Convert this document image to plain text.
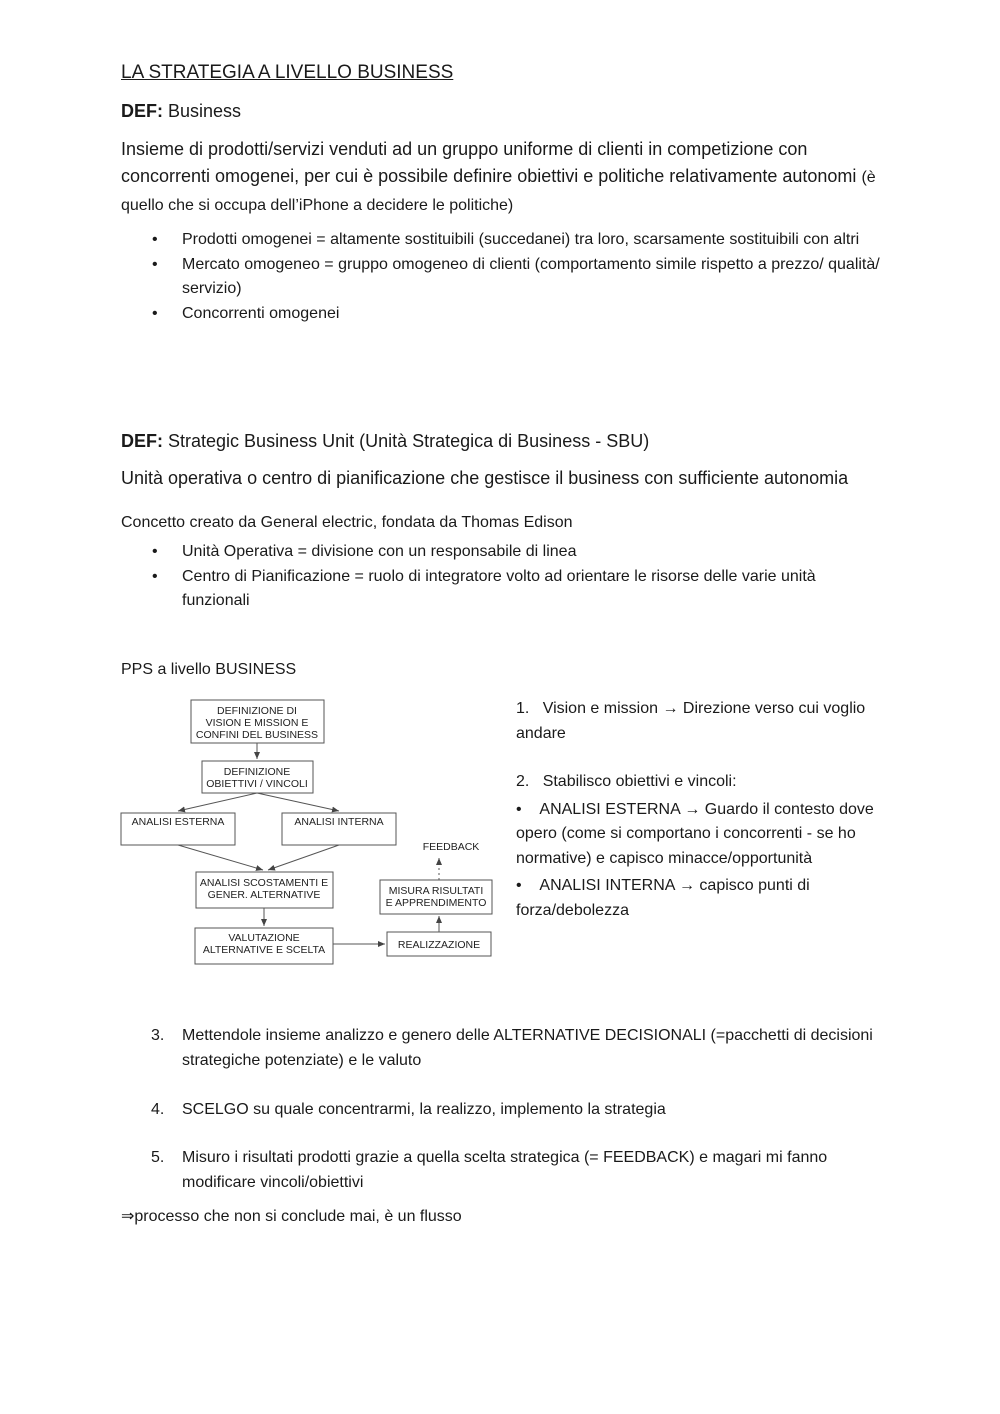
LA STRATEGIA A LIVELLO BUSINESS
DEF: Business
Insieme di prodotti/servizi venduti ad un gruppo uniforme di clienti in competizione con concorrenti omogenei, per cui è possibile definire obiettivi e politiche relativamente autonomi (è quello che si occupa dell’iPhone a decidere le politiche)
• Prodotti omogenei = altamente sostituibili (succedanei) tra loro, scarsamente sostituibili con altri
• Mercato omogeneo = gruppo omogeneo di clienti (comportamento simile rispetto a prezzo/ qualità/ servizio)
• Concorrenti omogenei
DEF: Strategic Business Unit (Unità Strategica di Business - SBU)
Unità operativa o centro di pianificazione che gestisce il business con sufficiente autonomia
Concetto creato da General electric, fondata da Thomas Edison
• Unità Operativa = divisione con un responsabile di linea
• Centro di Pianificazione = ruolo di integratore volto ad orientare le risorse delle varie unità funzionali
PPS a livello BUSINESS
DEFINIZIONE DI
VISION E MISSION E
CONFINI DEL BUSINESS
DEFINIZIONE
OBIETTIVI / VINCOLI
ANALISI ESTERNA	ANALISI INTERNA
ANALISI SCOSTAMENTI E
GENER. ALTERNATIVE
VALUTAZIONE
ALTERNATIVE E SCELTA	REALIZZAZIONE
MISURA RISULTATI
E APPRENDIMENTO
FEEDBACK

1. Vision e mission → Direzione verso cui voglio andare

2. Stabilisco obiettivi e vincoli:

• ANALISI ESTERNA → Guardo il contesto dove opero (come si comportano i concorrenti - se ho normative) e capisco minacce/opportunità

• ANALISI INTERNA → capisco punti di forza/debolezza

3. Mettendole insieme analizzo e genero delle ALTERNATIVE DECISIONALI (=pacchetti di decisioni strategiche potenziate) e le valuto
4. SCELGO su quale concentrarmi, la realizzo, implemento la strategia
5. Misuro i risultati prodotti grazie a quella scelta strategica (= FEEDBACK) e magari mi fanno modificare vincoli/obiettivi
⇒processo che non si conclude mai, è un flusso
